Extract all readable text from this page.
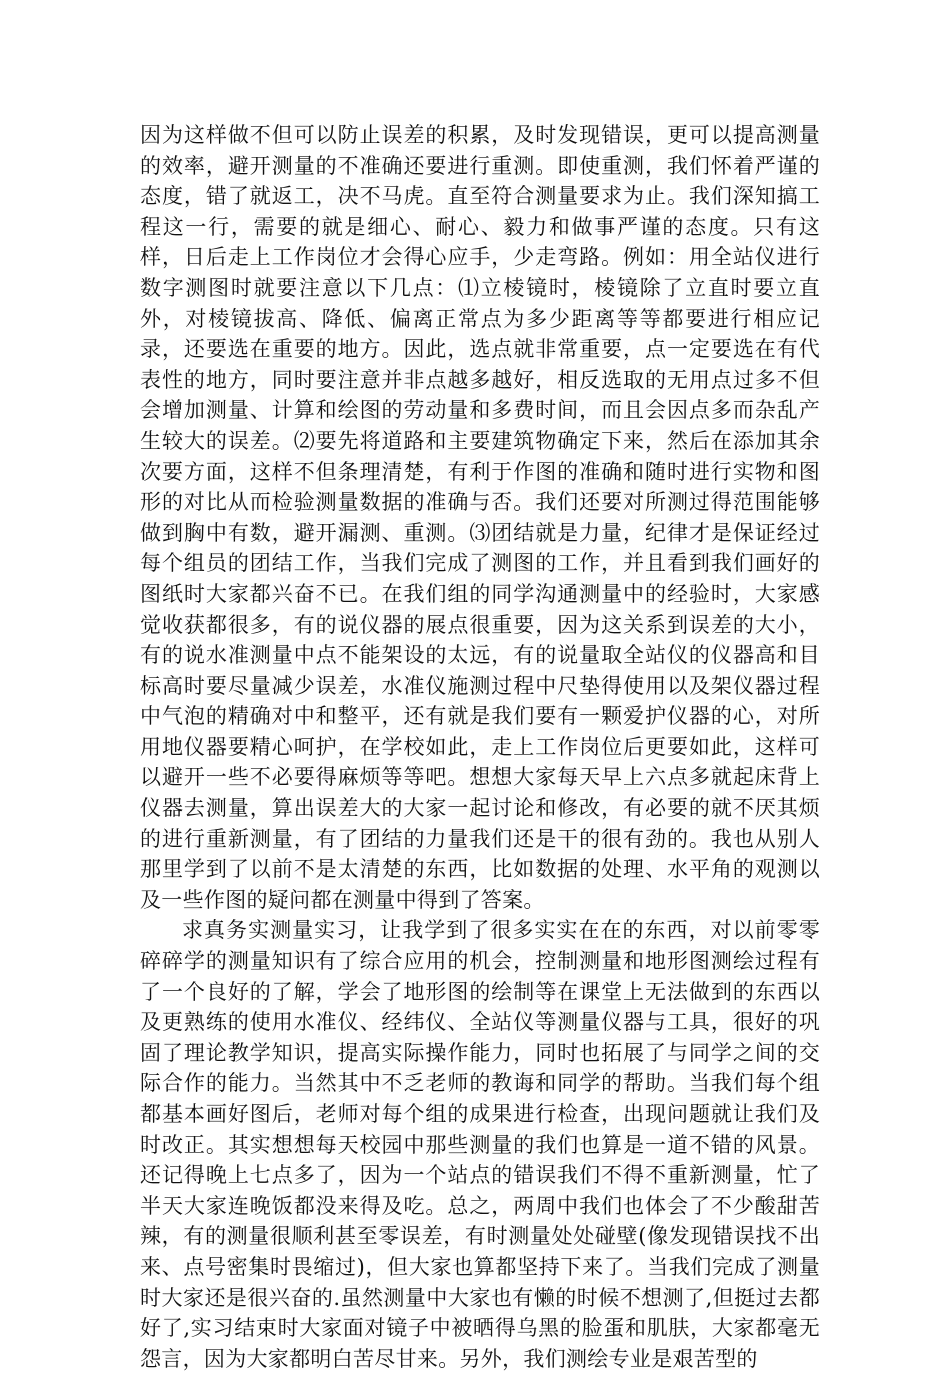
因为这样做不但可以防止误差的积累，及时发现错误，更可以提高测量的效率，避开测量的不准确还要进行重测。即使重测，我们怀着严谨的态度，错了就返工，决不马虎。直至符合测量要求为止。我们深知搞工程这一行，需要的就是细心、耐心、毅力和做事严谨的态度。只有这样，日后走上工作岗位才会得心应手，少走弯路。例如：用全站仪进行数字测图时就要注意以下几点：⑴立棱镜时，棱镜除了立直时要立直外，对棱镜拔高、降低、偏离正常点为多少距离等等都要进行相应记录，还要选在重要的地方。因此，选点就非常重要，点一定要选在有代表性的地方，同时要注意并非点越多越好，相反选取的无用点过多不但会增加测量、计算和绘图的劳动量和多费时间，而且会因点多而杂乱产生较大的误差。⑵要先将道路和主要建筑物确定下来，然后在添加其余次要方面，这样不但条理清楚，有利于作图的准确和随时进行实物和图形的对比从而检验测量数据的准确与否。我们还要对所测过得范围能够做到胸中有数，避开漏测、重测。⑶团结就是力量，纪律才是保证经过每个组员的团结工作，当我们完成了测图的工作，并且看到我们画好的图纸时大家都兴奋不已。在我们组的同学沟通测量中的经验时，大家感觉收获都很多，有的说仪器的展点很重要，因为这关系到误差的大小，有的说水准测量中点不能架设的太远，有的说量取全站仪的仪器高和目标高时要尽量减少误差，水准仪施测过程中尺垫得使用以及架仪器过程中气泡的精确对中和整平，还有就是我们要有一颗爱护仪器的心，对所用地仪器要精心呵护，在学校如此，走上工作岗位后更要如此，这样可以避开一些不必要得麻烦等等吧。想想大家每天早上六点多就起床背上仪器去测量，算出误差大的大家一起讨论和修改，有必要的就不厌其烦的进行重新测量，有了团结的力量我们还是干的很有劲的。我也从别人那里学到了以前不是太清楚的东西，比如数据的处理、水平角的观测以及一些作图的疑问都在测量中得到了答案。

求真务实测量实习，让我学到了很多实实在在的东西，对以前零零碎碎学的测量知识有了综合应用的机会，控制测量和地形图测绘过程有了一个良好的了解，学会了地形图的绘制等在课堂上无法做到的东西以及更熟练的使用水准仪、经纬仪、全站仪等测量仪器与工具，很好的巩固了理论教学知识，提高实际操作能力，同时也拓展了与同学之间的交际合作的能力。当然其中不乏老师的教诲和同学的帮助。当我们每个组都基本画好图后，老师对每个组的成果进行检查，出现问题就让我们及时改正。其实想想每天校园中那些测量的我们也算是一道不错的风景。还记得晚上七点多了，因为一个站点的错误我们不得不重新测量，忙了半天大家连晚饭都没来得及吃。总之，两周中我们也体会了不少酸甜苦辣，有的测量很顺利甚至零误差，有时测量处处碰壁(像发现错误找不出来、点号密集时畏缩过)，但大家也算都坚持下来了。当我们完成了测量时大家还是很兴奋的.虽然测量中大家也有懒的时候不想测了,但挺过去都好了,实习结束时大家面对镜子中被晒得乌黑的脸蛋和肌肤，大家都毫无怨言，因为大家都明白苦尽甘来。另外，我们测绘专业是艰苦型的
